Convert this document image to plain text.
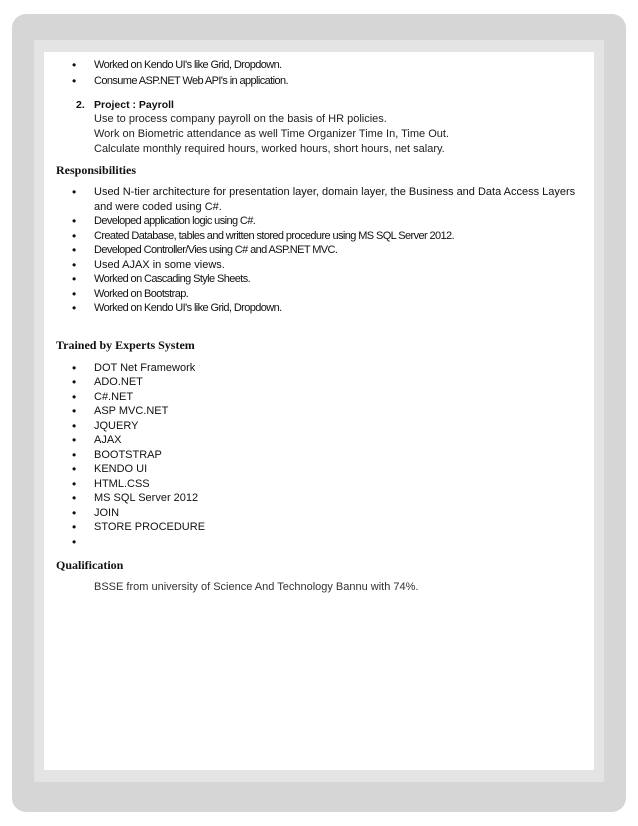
• Worked on Kendo UI's like Grid, Dropdown.
• Consume ASP.NET Web API's in application.
2. Project : Payroll
Use to process company payroll on the basis of HR policies.
Work on Biometric attendance as well Time Organizer Time In, Time Out.
Calculate monthly required hours, worked hours, short hours, net salary.
Responsibilities
• Used N-tier architecture for presentation layer, domain layer, the Business and Data Access Layers and were coded using C#.
• Developed application logic using C#.
• Created Database, tables and written stored procedure using MS SQL Server 2012.
• Developed Controller/Vies using C# and ASP.NET MVC.
• Used AJAX in some views.
• Worked on Cascading Style Sheets.
• Worked on Bootstrap.
• Worked on Kendo UI's like Grid, Dropdown.
Trained by Experts System
• DOT Net Framework
• ADO.NET
• C#.NET
• ASP MVC.NET
• JQUERY
• AJAX
• BOOTSTRAP
• KENDO UI
• HTML.CSS
• MS SQL Server 2012
• JOIN
• STORE PROCEDURE
•
Qualification
BSSE from university of Science And Technology Bannu with 74%.
